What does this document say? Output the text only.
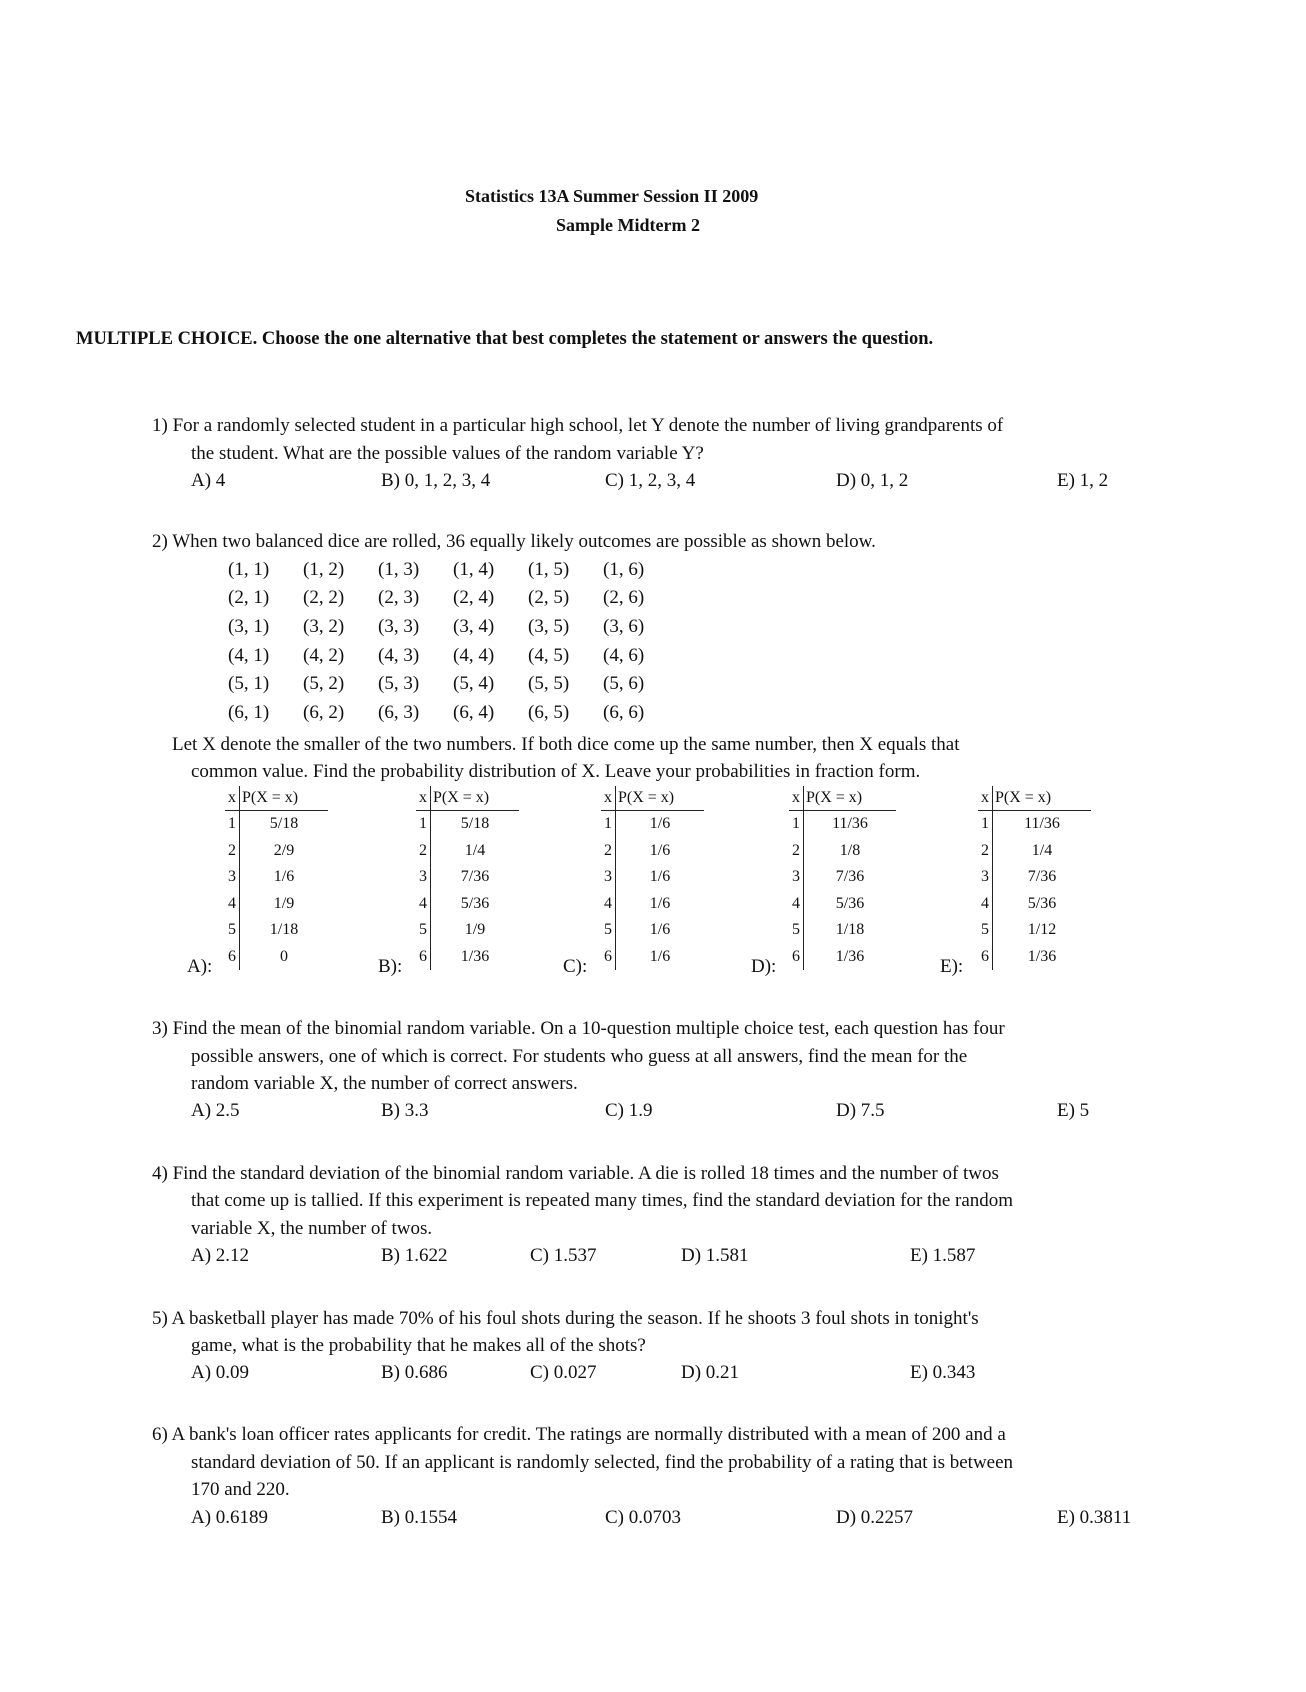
Statistics 13A Summer Session II 2009
Sample Midterm 2
MULTIPLE CHOICE. Choose the one alternative that best completes the statement or answers the question.
1) For a randomly selected student in a particular high school, let Y denote the number of living grandparents of
the student. What are the possible values of the random variable Y?
A) 4	B) 0, 1, 2, 3, 4	C) 1, 2, 3, 4	D) 0, 1, 2	E) 1, 2
2) When two balanced dice are rolled, 36 equally likely outcomes are possible as shown below.
(1, 1) (1, 2) (1, 3) (1, 4) (1, 5) (1, 6)
(2, 1) (2, 2) (2, 3) (2, 4) (2, 5) (2, 6)
(3, 1) (3, 2) (3, 3) (3, 4) (3, 5) (3, 6)
(4, 1) (4, 2) (4, 3) (4, 4) (4, 5) (4, 6)
(5, 1) (5, 2) (5, 3) (5, 4) (5, 5) (5, 6)
(6, 1) (6, 2) (6, 3) (6, 4) (6, 5) (6, 6)
Let X denote the smaller of the two numbers. If both dice come up the same number, then X equals that
common value. Find the probability distribution of X. Leave your probabilities in fraction form.
A):
x	P(X = x)
1	5/18
2	2/9
3	1/6
4	1/9
5	1/18
6	0	B):
x	P(X = x)
1	5/18
2	1/4
3	7/36
4	5/36
5	1/9
6	1/36	C):
x	P(X = x)
1	1/6
2	1/6
3	1/6
4	1/6
5	1/6
6	1/6	D):
x	P(X = x)
1	11/36
2	1/8
3	7/36
4	5/36
5	1/18
6	1/36	E):
x	P(X = x)
1	11/36
2	1/4
3	7/36
4	5/36
5	1/12
6	1/36
3) Find the mean of the binomial random variable. On a 10-question multiple choice test, each question has four
possible answers, one of which is correct. For students who guess at all answers, find the mean for the
random variable X, the number of correct answers.
A) 2.5	B) 3.3	C) 1.9	D) 7.5	E) 5
4) Find the standard deviation of the binomial random variable. A die is rolled 18 times and the number of twos
that come up is tallied. If this experiment is repeated many times, find the standard deviation for the random
variable X, the number of twos.
A) 2.12	B) 1.622	C) 1.537	D) 1.581	E) 1.587
5) A basketball player has made 70% of his foul shots during the season. If he shoots 3 foul shots in tonight's
game, what is the probability that he makes all of the shots?
A) 0.09	B) 0.686	C) 0.027	D) 0.21	E) 0.343
6) A bank's loan officer rates applicants for credit. The ratings are normally distributed with a mean of 200 and a
standard deviation of 50. If an applicant is randomly selected, find the probability of a rating that is between
170 and 220.
A) 0.6189	B) 0.1554	C) 0.0703	D) 0.2257	E) 0.3811
